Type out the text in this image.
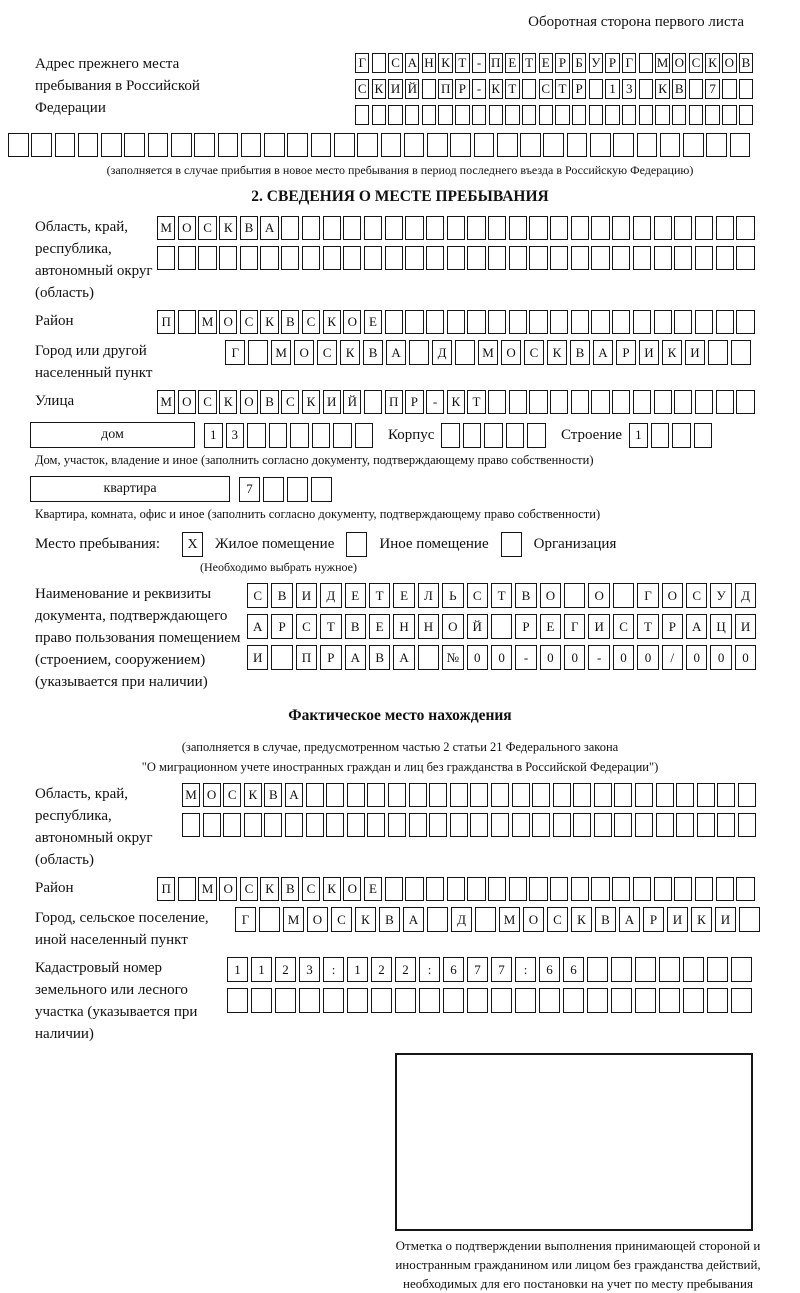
Оборотная сторона первого листа
Адрес прежнего места пребывания в Российской Федерации
Г С А Н К Т - П Е Т Е Р Б У Р Г М О С К О В
С К И Й П Р - К Т С Т Р	1 3	К В	7
(заполняется в случае прибытия в новое место пребывания в период последнего въезда в Российскую Федерацию)
2. СВЕДЕНИЯ О МЕСТЕ ПРЕБЫВАНИЯ
Область, край, республика, автономный округ (область)
М О С К В А
Район	П	М О С К В С К О Е
Город или другой населенный пункт
Г	М О	С	К	В	А	Д	М О	С	К	В	А	Р	И	К	И
Улица	М О С К О В С К И Й	П Р	-	К Т
дом	1	3	Корпус	Строение	1
Дом, участок, владение и иное (заполнить согласно документу, подтверждающему право собственности)
квартира	7
Квартира, комната, офис и иное (заполнить согласно документу, подтверждающему право собственности)
Место пребывания:	X	Жилое помещение	Иное помещение	Организация
(Необходимо выбрать нужное)
Наименование и реквизиты документа, подтверждающего право пользования помещением (строением, сооружением) (указывается при наличии)
С	В	И	Д	Е	Т	Е	Л	Ь	С	Т	В	О	О	Г	О	С	У	Д
А	Р	С	Т	В	Е	Н	Н	О	Й	Р	Е	Г	И	С	Т	Р	А	Ц	И
И	П	Р	А	В	А	№	0	0	-	0	0	-	0	0	/	0	0	0
Фактическое место нахождения
(заполняется в случае, предусмотренном частью 2 статьи 21 Федерального закона
"О миграционном учете иностранных граждан и лиц без гражданства в Российской Федерации")
Область, край, республика, автономный округ (область)
М О С К В А
Район	П	М О С К В С К О Е
Город, сельское поселение, иной населенный пункт
Г	М	О	С	К	В	А	Д	М	О	С	К	В	А	Р	И	К	И
Кадастровый номер земельного или лесного участка (указывается при наличии)
1	1	2	3	:	1	2	2	:	6	7	7	:	6	6
Отметка о подтверждении выполнения принимающей стороной и иностранным гражданином или лицом без гражданства действий, необходимых для его постановки на учет по месту пребывания
